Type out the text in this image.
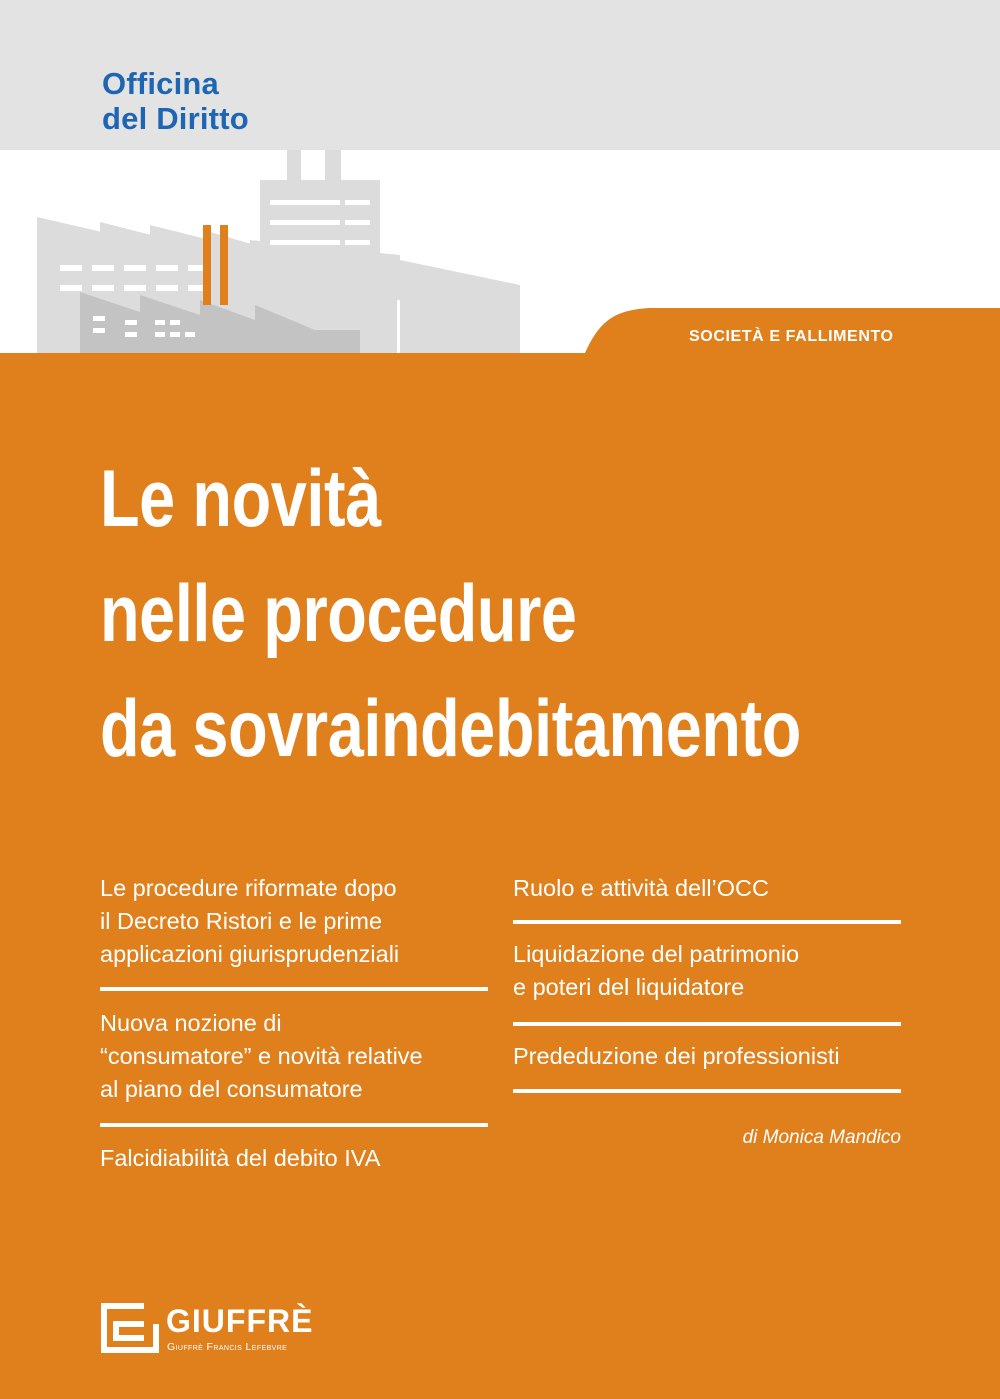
Officina
del Diritto
SOCIETÀ E FALLIMENTO
Le novità
nelle procedure
da sovraindebitamento
Le procedure riformate dopo
il Decreto Ristori e le prime
applicazioni giurisprudenziali
Nuova nozione di
“consumatore” e novità relative
al piano del consumatore
Falcidiabilità del debito IVA
Ruolo e attività dell’OCC
Liquidazione del patrimonio
e poteri del liquidatore
Prededuzione dei professionisti
di Monica Mandico
GIUFFRÈ
Giuffrè Francis Lefebvre
